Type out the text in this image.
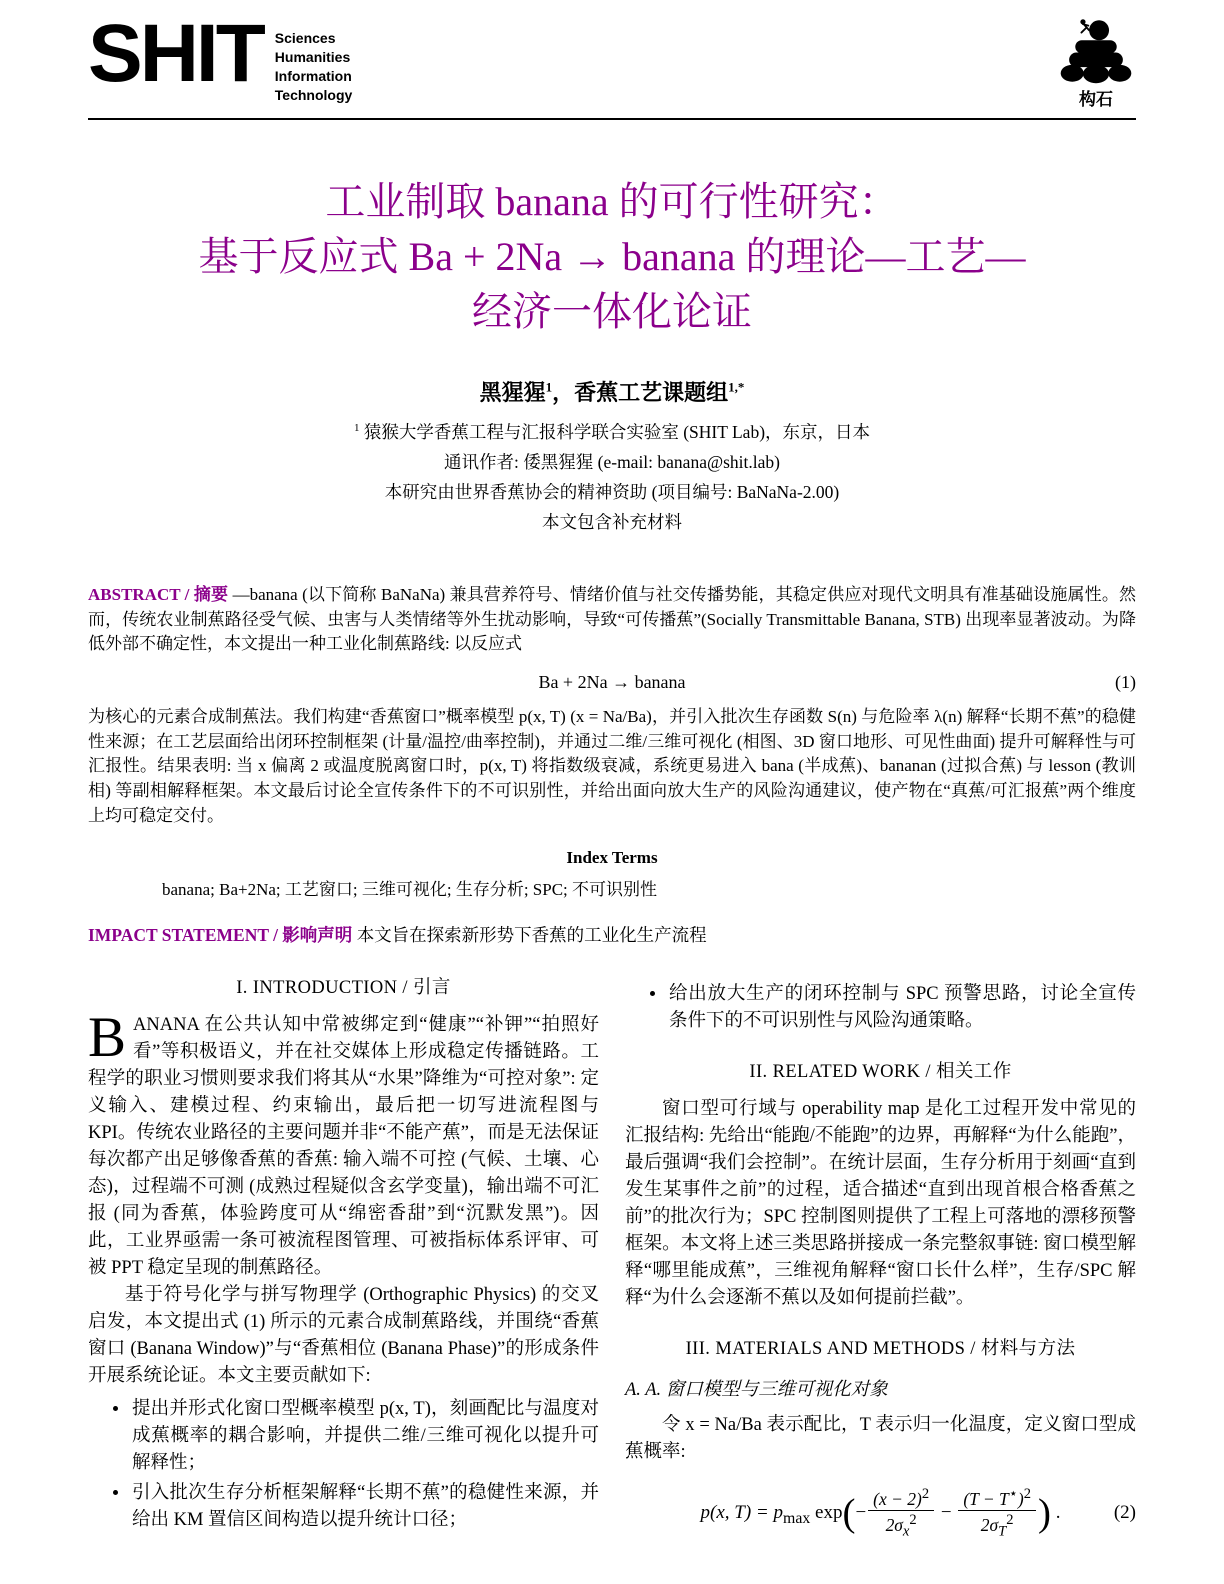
SHIT Sciences
Humanities
Information
Technology	构石
工业制取 banana 的可行性研究：
基于反应式 Ba + 2Na → banana 的理论—工艺—
经济一体化论证
黑猩猩$^1$，香蕉工艺课题组$^{1,*}$
$^1$ 猿猴大学香蕉工程与汇报科学联合实验室 (SHIT Lab)，东京，日本
通讯作者: 倭黑猩猩 (e-mail: banana@shit.lab)
本研究由世界香蕉协会的精神资助 (项目编号: BaNaNa-2.00)
本文包含补充材料

ABSTRACT / 摘要 —banana (以下简称 BaNaNa) 兼具营养符号、情绪价值与社交传播势能，其稳定供应对现代文明具有准基础设施属性。然而，传统农业制蕉路径受气候、虫害与人类情绪等外生扰动影响，导致“可传播蕉”(Socially Transmittable Banana, STB) 出现率显著波动。为降低外部不确定性，本文提出一种工业化制蕉路线: 以反应式

Ba + 2Na → banana	(1)

为核心的元素合成制蕉法。我们构建“香蕉窗口”概率模型 p(x, T) (x = Na/Ba)，并引入批次生存函数 S(n) 与危险率 λ(n) 解释“长期不蕉”的稳健性来源；在工艺层面给出闭环控制框架 (计量/温控/曲率控制)，并通过二维/三维可视化 (相图、3D 窗口地形、可见性曲面) 提升可解释性与可汇报性。结果表明: 当 x 偏离 2 或温度脱离窗口时，p(x, T) 将指数级衰减，系统更易进入 bana (半成蕉)、bananan (过拟合蕉) 与 lesson (教训相) 等副相解释框架。本文最后讨论全宣传条件下的不可识别性，并给出面向放大生产的风险沟通建议，使产物在“真蕉/可汇报蕉”两个维度上均可稳定交付。

Index Terms
banana; Ba+2Na; 工艺窗口; 三维可视化; 生存分析; SPC; 不可识别性

IMPACT STATEMENT / 影响声明 本文旨在探索新形势下香蕉的工业化生产流程

I. INTRODUCTION / 引言

BANANA 在公共认知中常被绑定到“健康”“补钾”“拍照好看”等积极语义，并在社交媒体上形成稳定传播链路。工程学的职业习惯则要求我们将其从“水果”降维为“可控对象”: 定义输入、建模过程、约束输出，最后把一切写进流程图与 KPI。传统农业路径的主要问题并非“不能产蕉”，而是无法保证每次都产出足够像香蕉的香蕉: 输入端不可控 (气候、土壤、心态)，过程端不可测 (成熟过程疑似含玄学变量)，输出端不可汇报 (同为香蕉，体验跨度可从“绵密香甜”到“沉默发黑”)。因此，工业界亟需一条可被流程图管理、可被指标体系评审、可被 PPT 稳定呈现的制蕉路径。

基于符号化学与拼写物理学 (Orthographic Physics) 的交叉启发，本文提出式 (1) 所示的元素合成制蕉路线，并围绕“香蕉窗口 (Banana Window)”与“香蕉相位 (Banana Phase)”的形成条件开展系统论证。本文主要贡献如下:

• 提出并形式化窗口型概率模型 p(x, T)，刻画配比与温度对成蕉概率的耦合影响，并提供二维/三维可视化以提升可解释性；
• 引入批次生存分析框架解释“长期不蕉”的稳健性来源，并给出 KM 置信区间构造以提升统计口径；
• 给出放大生产的闭环控制与 SPC 预警思路，讨论全宣传条件下的不可识别性与风险沟通策略。
II. RELATED WORK / 相关工作

窗口型可行域与 operability map 是化工过程开发中常见的汇报结构: 先给出“能跑/不能跑”的边界，再解释“为什么能跑”，最后强调“我们会控制”。在统计层面，生存分析用于刻画“直到发生某事件之前”的过程，适合描述“直到出现首根合格香蕉之前”的批次行为；SPC 控制图则提供了工程上可落地的漂移预警框架。本文将上述三类思路拼接成一条完整叙事链: 窗口模型解释“哪里能成蕉”，三维视角解释“窗口长什么样”，生存/SPC 解释“为什么会逐渐不蕉以及如何提前拦截”。

III. MATERIALS AND METHODS / 材料与方法
A. A. 窗口模型与三维可视化对象

令 x = Na/Ba 表示配比，T 表示归一化温度，定义窗口型成蕉概率:

p(x, $T) = p_{max}$ $\exp(- \frac{(x - 2)^2}{2\sigma_x^2} - \frac{(T - T^⋆)^2}{2\sigma_T^2}$ ) .	(2)
